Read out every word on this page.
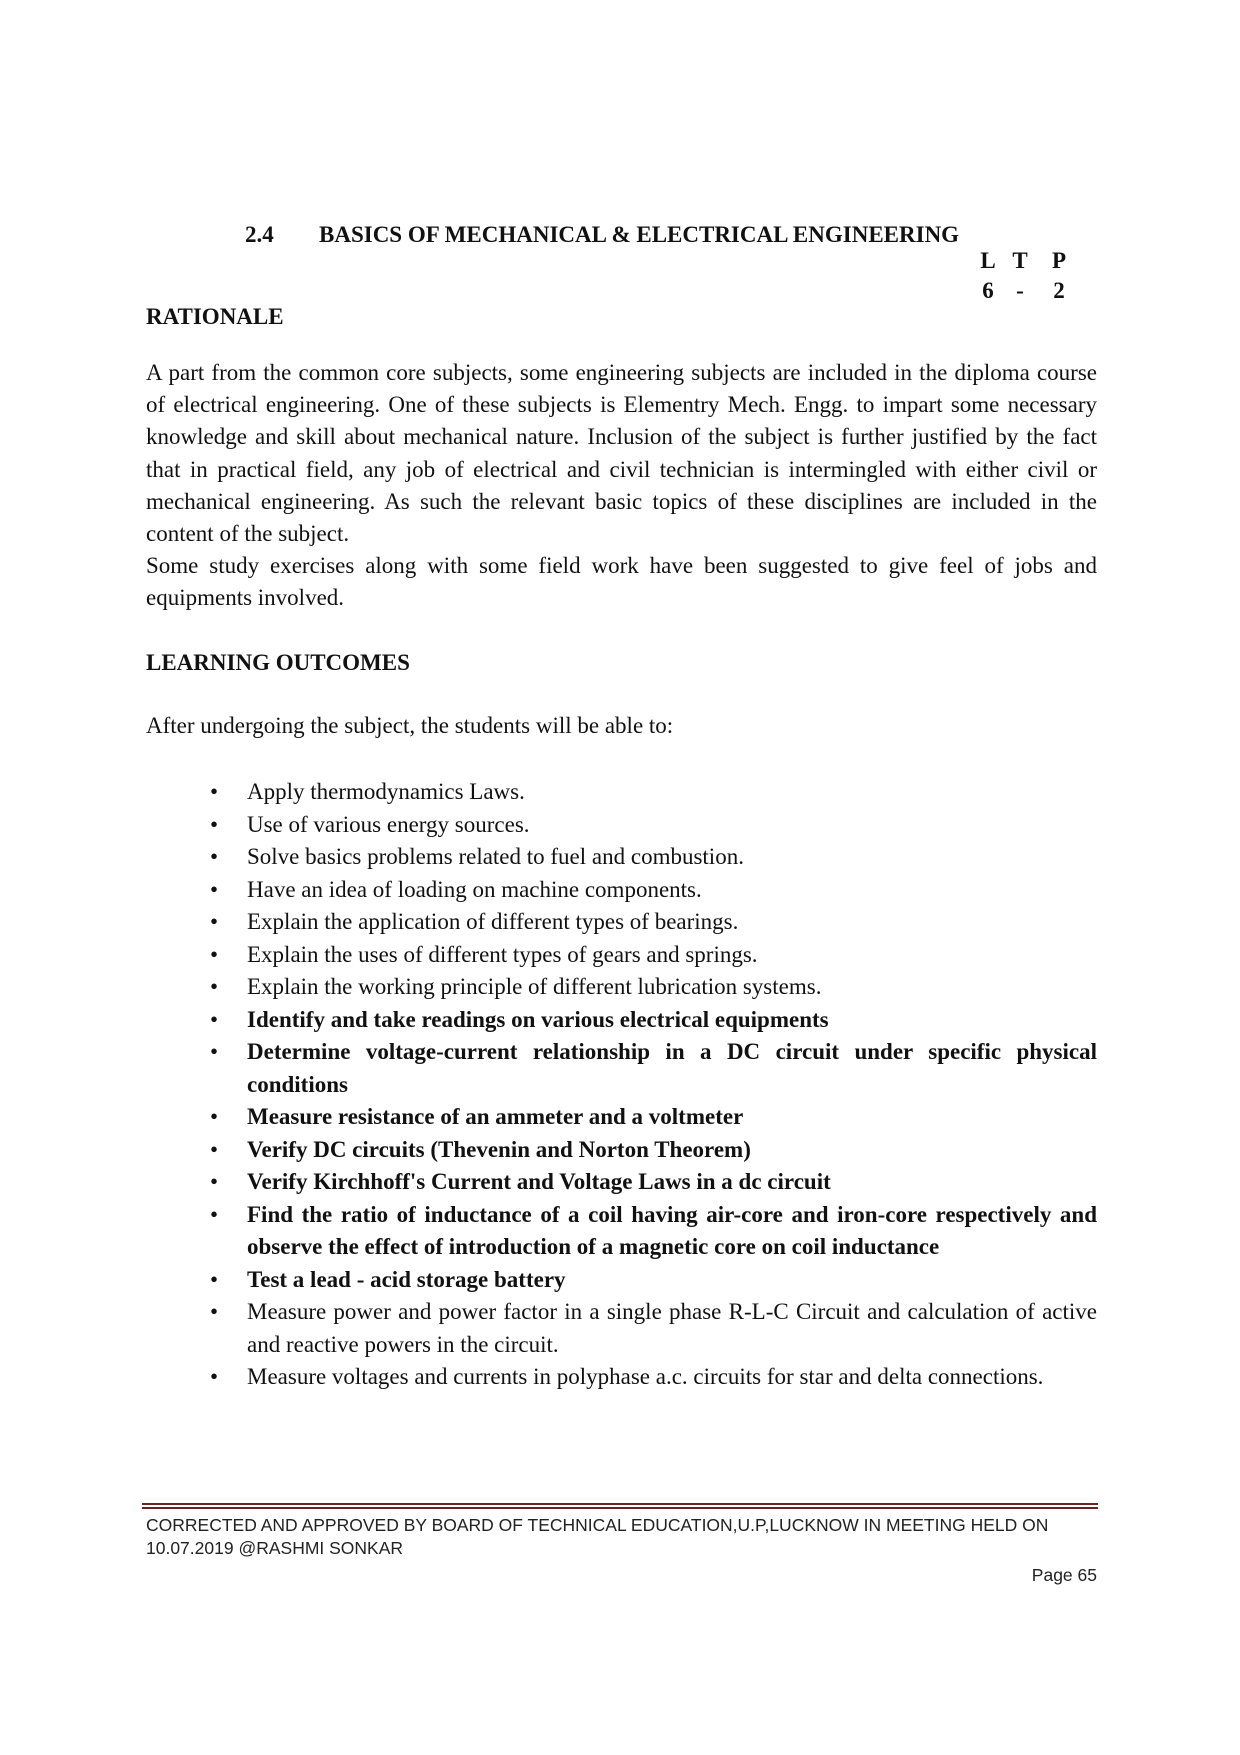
2.4 BASICS OF MECHANICAL & ELECTRICAL ENGINEERING
L T P
6 - 2
RATIONALE

A part from the common core subjects, some engineering subjects are included in the diploma course of electrical engineering. One of these subjects is Elementry Mech. Engg. to impart some necessary knowledge and skill about mechanical nature. Inclusion of the subject is further justified by the fact that in practical field, any job of electrical and civil technician is intermingled with either civil or mechanical engineering. As such the relevant basic topics of these disciplines are included in the content of the subject.

Some study exercises along with some field work have been suggested to give feel of jobs and equipments involved.

LEARNING OUTCOMES
After undergoing the subject, the students will be able to:
• Apply thermodynamics Laws.
• Use of various energy sources.
• Solve basics problems related to fuel and combustion.
• Have an idea of loading on machine components.
• Explain the application of different types of bearings.
• Explain the uses of different types of gears and springs.
• Explain the working principle of different lubrication systems.
• Identify and take readings on various electrical equipments
• Determine voltage-current relationship in a DC circuit under specific physical conditions
• Measure resistance of an ammeter and a voltmeter
• Verify DC circuits (Thevenin and Norton Theorem)
• Verify Kirchhoff's Current and Voltage Laws in a dc circuit
• Find the ratio of inductance of a coil having air-core and iron-core respectively and observe the effect of introduction of a magnetic core on coil inductance
• Test a lead - acid storage battery
• Measure power and power factor in a single phase R-L-C Circuit and calculation of active and reactive powers in the circuit.
• Measure voltages and currents in polyphase a.c. circuits for star and delta connections.

CORRECTED AND APPROVED BY BOARD OF TECHNICAL EDUCATION,U.P,LUCKNOW IN MEETING HELD ON 10.07.2019 @RASHMI SONKAR

Page 65
